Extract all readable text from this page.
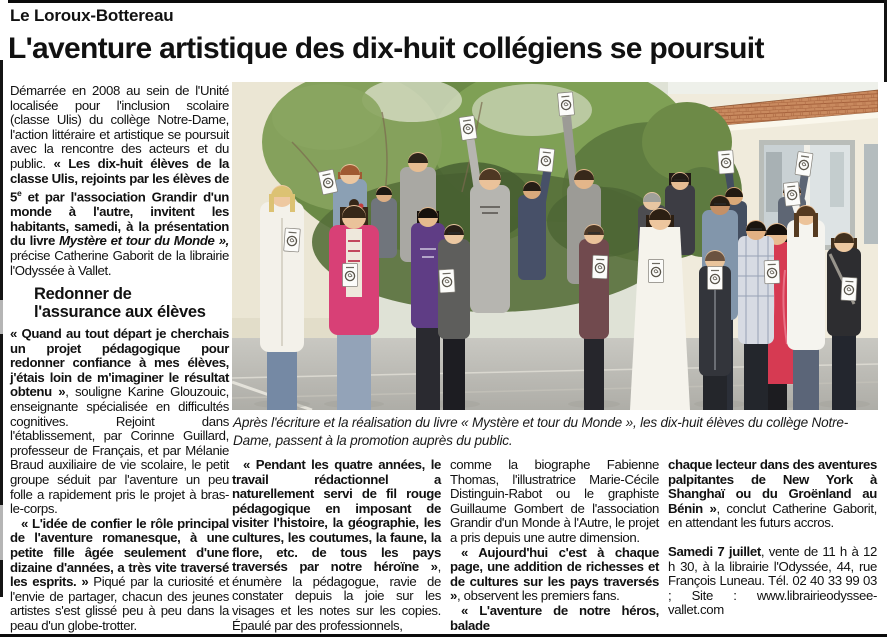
Le Loroux-Bottereau
L'aventure artistique des dix-huit collégiens se poursuit

Démarrée en 2008 au sein de l'Unité localisée pour l'inclusion scolaire (classe Ulis) du collège Notre-Dame, l'action littéraire et artistique se poursuit avec la rencontre des acteurs et du public. « Les dix-huit élèves de la classe Ulis, rejoints par les élèves de 5e et par l'association Grandir d'un monde à l'autre, invitent les habitants, samedi, à la présentation du livre Mystère et tour du Monde », précise Catherine Gaborit de la librairie l'Odyssée à Vallet.

Redonner de l'assurance aux élèves

« Quand au tout départ je cherchais un projet pédagogique pour redonner confiance à mes élèves, j'étais loin de m'imaginer le résultat obtenu », souligne Karine Glouzouic, enseignante spécialisée en difficultés cognitives. Rejoint dans l'établissement, par Corinne Guillard, professeur de Français, et par Mélanie Braud auxiliaire de vie scolaire, le petit groupe séduit par l'aventure un peu folle a rapidement pris le projet à bras-le-corps.

« L'idée de confier le rôle principal de l'aventure romanesque, à une petite fille âgée seulement d'une dizaine d'années, a très vite traversé les esprits. » Piqué par la curiosité et l'envie de partager, chacun des jeunes artistes s'est glissé peu à peu dans la peau d'un globe-trotter.

Après l'écriture et la réalisation du livre « Mystère et tour du Monde », les dix-huit élèves du collège Notre-Dame, passent à la promotion auprès du public.

« Pendant les quatre années, le travail rédactionnel a naturellement servi de fil rouge pédagogique en imposant de visiter l'histoire, la géographie, les cultures, les coutumes, la faune, la flore, etc. de tous les pays traversés par notre héroïne », énumère la pédagogue, ravie de constater depuis la joie sur les visages et les notes sur les copies. Épaulé par des professionnels,

comme la biographe Fabienne Thomas, l'illustratrice Marie-Cécile Distinguin-Rabot ou le graphiste Guillaume Gombert de l'association Grandir d'un Monde à l'Autre, le projet a pris depuis une autre dimension.

« Aujourd'hui c'est à chaque page, une addition de richesses et de cultures sur les pays traversés », observent les premiers fans.

« L'aventure de notre héros, balade

chaque lecteur dans des aventures palpitantes de New York à Shanghaï ou du Groënland au Bénin », conclut Catherine Gaborit, en attendant les futurs accros.

Samedi 7 juillet, vente de 11 h à 12 h 30, à la librairie l'Odyssée, 44, rue François Luneau. Tél. 02 40 33 99 03 ; Site : www.librairieodyssee-vallet.com
